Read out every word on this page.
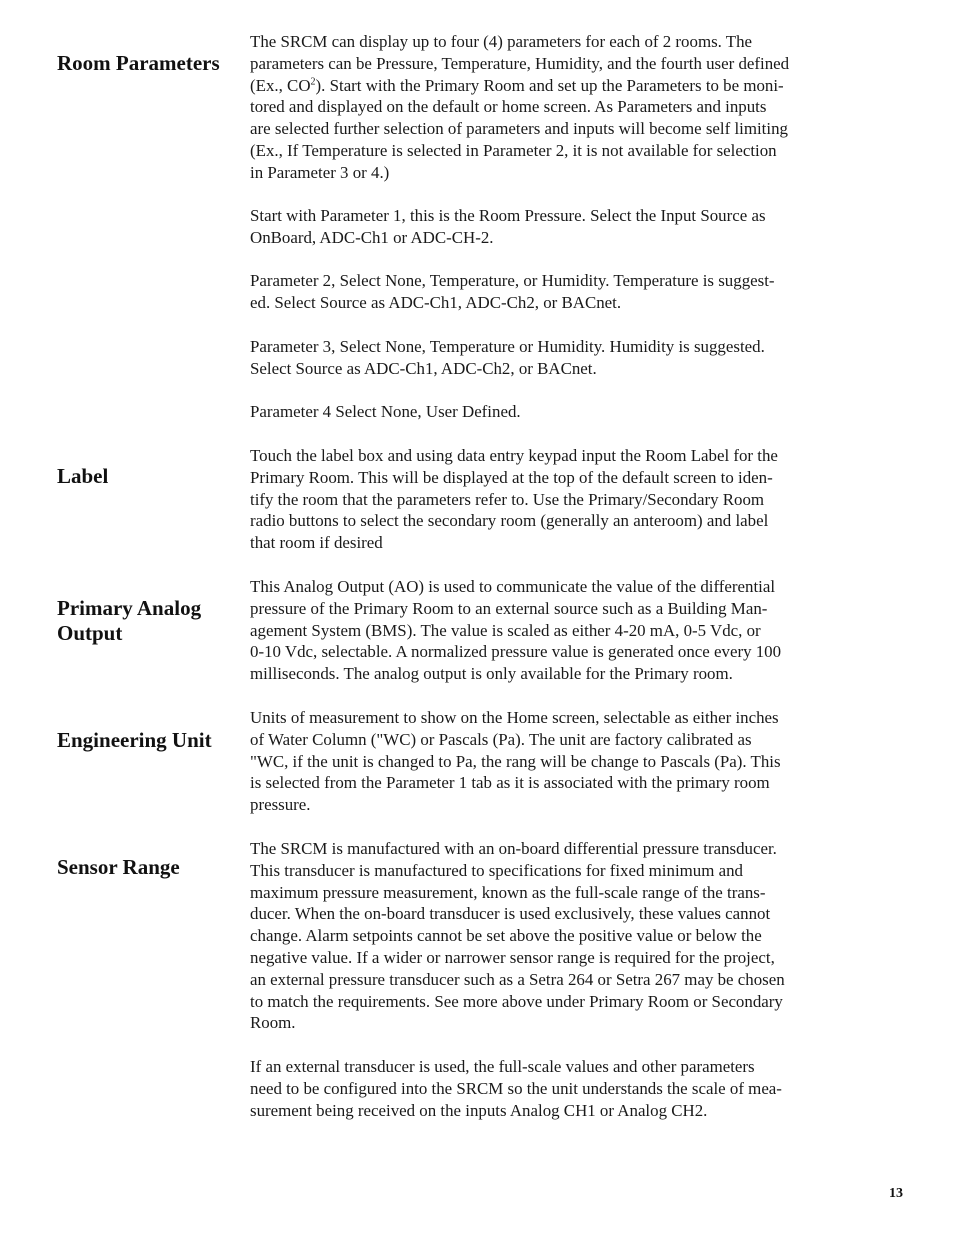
Room Parameters

The SRCM can display up to four (4) parameters for each of 2 rooms. The
parameters can be Pressure, Temperature, Humidity, and the fourth user defined
(Ex., $CO^2$). Start with the Primary Room and set up the Parameters to be moni-
tored and displayed on the default or home screen. As Parameters and inputs
are selected further selection of parameters and inputs will become self limiting
(Ex., If Temperature is selected in Parameter 2, it is not available for selection
in Parameter 3 or 4.)

Start with Parameter 1, this is the Room Pressure. Select the Input Source as
OnBoard, ADC-Ch1 or ADC-CH-2.

Parameter 2, Select None, Temperature, or Humidity. Temperature is suggest-
ed. Select Source as ADC-Ch1, ADC-Ch2, or BACnet.

Parameter 3, Select None, Temperature or Humidity. Humidity is suggested.
Select Source as ADC-Ch1, ADC-Ch2, or BACnet.

Parameter 4 Select None, User Defined.

Label

Touch the label box and using data entry keypad input the Room Label for the
Primary Room. This will be displayed at the top of the default screen to iden-
tify the room that the parameters refer to. Use the Primary/Secondary Room
radio buttons to select the secondary room (generally an anteroom) and label
that room if desired

Primary Analog
Output

This Analog Output (AO) is used to communicate the value of the differential
pressure of the Primary Room to an external source such as a Building Man-
agement System (BMS). The value is scaled as either 4-20 mA, 0-5 Vdc, or
0-10 Vdc, selectable. A normalized pressure value is generated once every 100
milliseconds. The analog output is only available for the Primary room.

Engineering Unit

Units of measurement to show on the Home screen, selectable as either inches
of Water Column ("WC) or Pascals (Pa). The unit are factory calibrated as
"WC, if the unit is changed to Pa, the rang will be change to Pascals (Pa). This
is selected from the Parameter 1 tab as it is associated with the primary room
pressure.

Sensor Range

The SRCM is manufactured with an on-board differential pressure transducer.
This transducer is manufactured to specifications for fixed minimum and
maximum pressure measurement, known as the full-scale range of the trans-
ducer. When the on-board transducer is used exclusively, these values cannot
change. Alarm setpoints cannot be set above the positive value or below the
negative value. If a wider or narrower sensor range is required for the project,
an external pressure transducer such as a Setra 264 or Setra 267 may be chosen
to match the requirements. See more above under Primary Room or Secondary
Room.

If an external transducer is used, the full-scale values and other parameters
need to be configured into the SRCM so the unit understands the scale of mea-
surement being received on the inputs Analog CH1 or Analog CH2.

13
